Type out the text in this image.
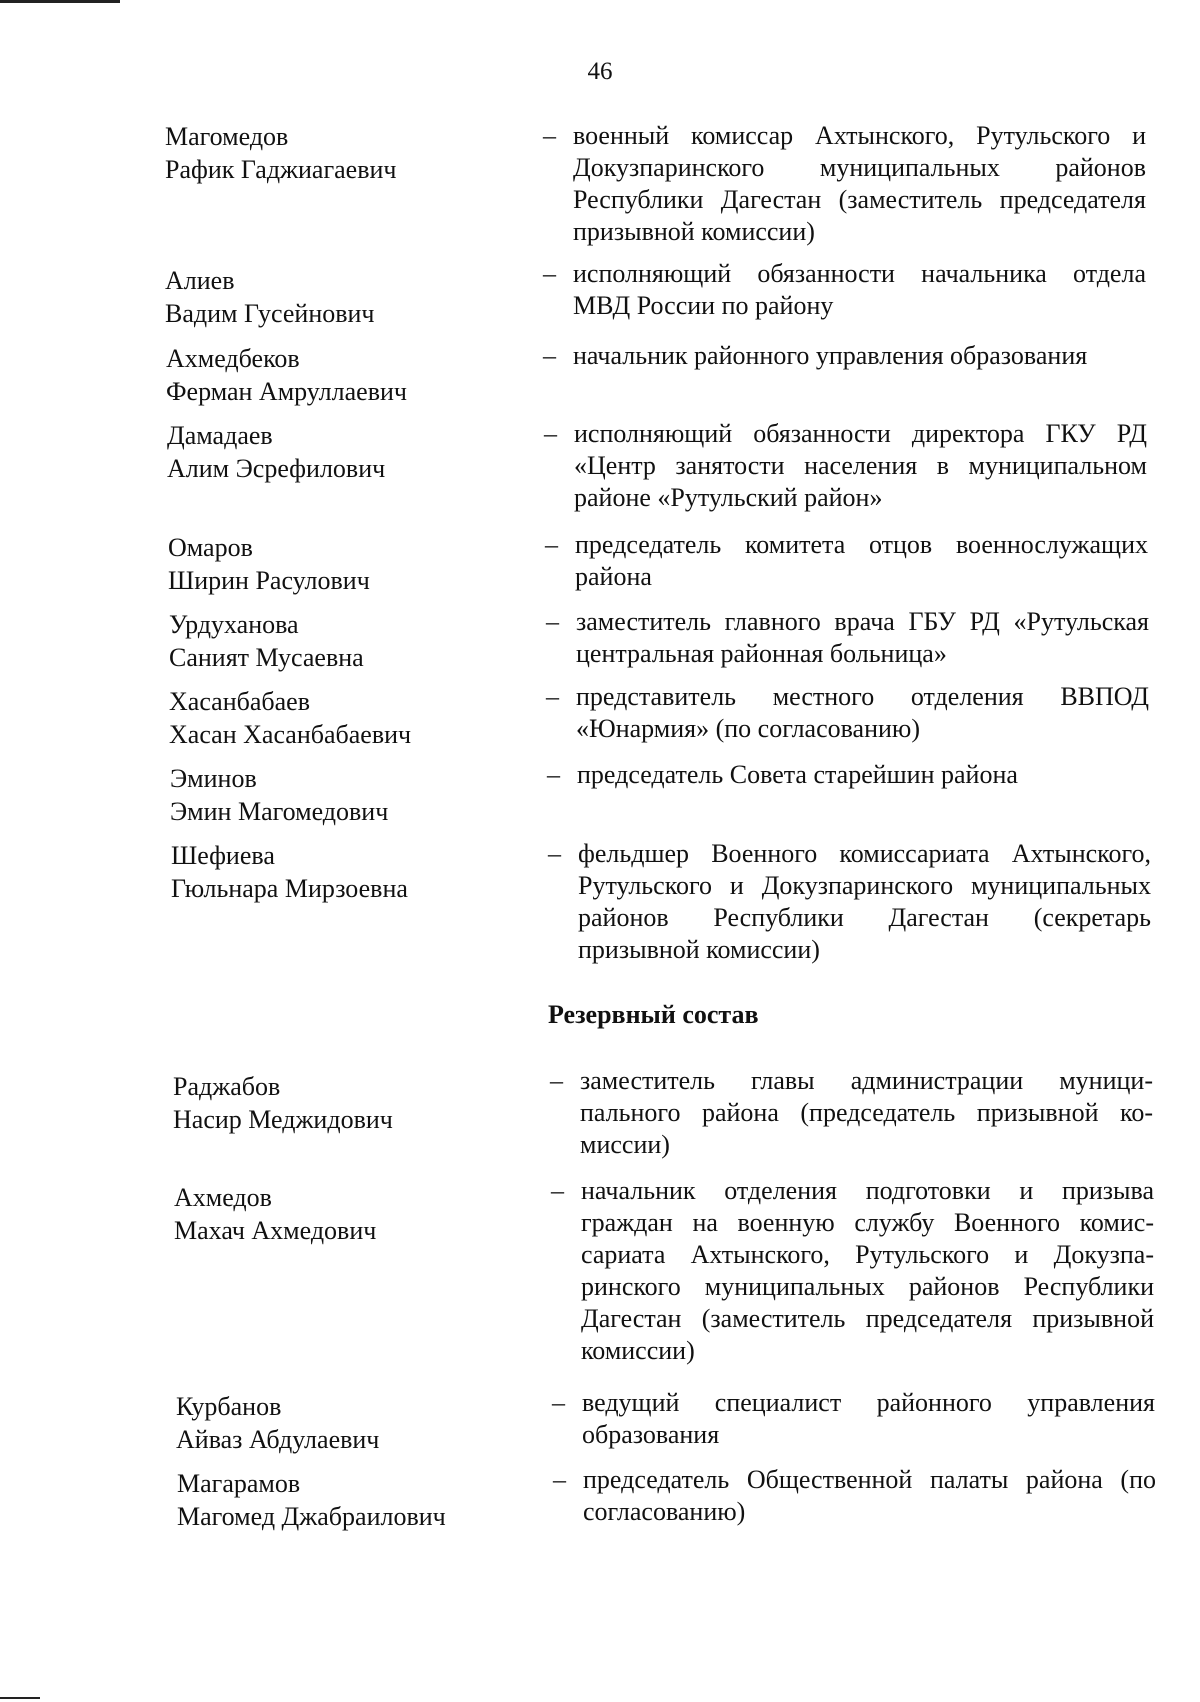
46
Магомедов
Рафик Гаджиагаевич
– военный комиссар Ахтынского, Рутульского и Докузпаринского муниципальных районов Республики Дагестан (заместитель председателя призывной комиссии)
Алиев
Вадим Гусейнович
– исполняющий обязанности начальника отдела МВД России по району
Ахмедбеков
Ферман Амруллаевич
– начальник районного управления образования
Дамадаев
Алим Эсрефилович
– исполняющий обязанности директора ГКУ РД «Центр занятости населения в муниципальном районе «Рутульский район»
Омаров
Ширин Расулович
– председатель комитета отцов военнослужащих района
Урдуханова
Саният Мусаевна
– заместитель главного врача ГБУ РД «Рутульская центральная районная больница»
Хасанбабаев
Хасан Хасанбабаевич
– представитель местного отделения ВВПОД «Юнармия» (по согласованию)
Эминов
Эмин Магомедович
– председатель Совета старейшин района
Шефиева
Гюльнара Мирзоевна
– фельдшер Военного комиссариата Ахтынского, Рутульского и Докузпаринского муниципальных районов Республики Дагестан (секретарь призывной комиссии)
Резервный состав
Раджабов
Насир Меджидович
– заместитель главы администрации муниципального района (председатель призывной комиссии)
Ахмедов
Махач Ахмедович
– начальник отделения подготовки и призыва граждан на военную службу Военного комиссариата Ахтынского, Рутульского и Докузпаринского муниципальных районов Республики Дагестан (заместитель председателя призывной комиссии)
Курбанов
Айваз Абдулаевич
– ведущий специалист районного управления образования
Магарамов
Магомед Джабраилович
– председатель Общественной палаты района (по согласованию)
